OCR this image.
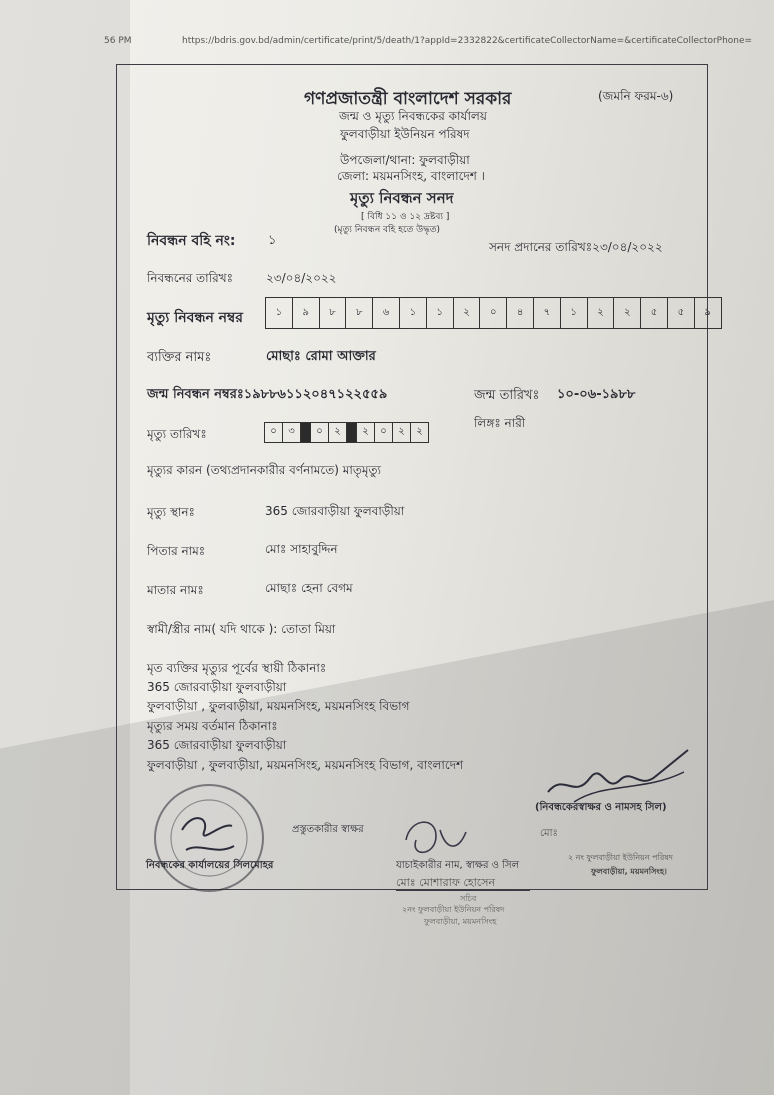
56 PM	https://bdris.gov.bd/admin/certificate/print/5/death/1?appId=2332822&certificateCollectorName=&certificateCollectorPhone=
(জমনি ফরম-৬)
গণপ্রজাতন্ত্রী বাংলাদেশ সরকার
জন্ম ও মৃত্যু নিবন্ধকের কার্যালয়
ফুলবাড়ীয়া ইউনিয়ন পরিষদ
উপজেলা/থানা: ফুলবাড়ীয়া
জেলা: ময়মনসিংহ, বাংলাদেশ ।
মৃত্যু নিবন্ধন সনদ
[ বিধি ১১ ও ১২ দ্রষ্টব্য ]
(মৃত্যু নিবন্ধন বহি হতে উদ্ধৃত)
নিবন্ধন বহি নং:	১	সনদ প্রদানের তারিখঃ২৩/০৪/২০২২
নিবন্ধনের তারিখঃ	২৩/০৪/২০২২
মৃত্যু নিবন্ধন নম্বর	১	৯	৮	৮	৬	১	১	২	০	৪	৭	১	২	২	৫	৫	৯
ব্যক্তির নামঃ	মোছাঃ রোমা আক্তার
জন্ম নিবন্ধন নম্বরঃ১৯৮৮৬১১২০৪৭১২২৫৫৯	জন্ম তারিখঃ ১০-০৬-১৯৮৮
লিঙ্গঃ নারী
মৃত্যু তারিখঃ	০	৩	০	২	২	০	২	২
মৃত্যুর কারন (তথ্যপ্রদানকারীর বর্ণনামতে) মাতৃমৃত্যু
মৃত্যু স্থানঃ	365 জোরবাড়ীয়া ফুলবাড়ীয়া
পিতার নামঃ	মোঃ সাহাবুদ্দিন
মাতার নামঃ	মোছাঃ হেনা বেগম
স্বামী/স্ত্রীর নাম( যদি থাকে ): তোতা মিয়া
মৃত ব্যক্তির মৃত্যুর পূর্বের স্থায়ী ঠিকানাঃ
365 জোরবাড়ীয়া ফুলবাড়ীয়া
ফুলবাড়ীয়া , ফুলবাড়ীয়া, ময়মনসিংহ, ময়মনসিংহ বিভাগ
মৃত্যুর সময় বর্তমান ঠিকানাঃ
365 জোরবাড়ীয়া ফুলবাড়ীয়া
ফুলবাড়ীয়া , ফুলবাড়ীয়া, ময়মনসিংহ, ময়মনসিংহ বিভাগ, বাংলাদেশ
(নিবন্ধকেরস্বাক্ষর ও নামসহ সিল)
মোঃ
২ নং ফুলবাড়ীয়া ইউনিয়ন পরিষদ
ফুলবাড়ীয়া, ময়মনসিংহ।
প্রস্তুতকারীর স্বাক্ষর
নিবন্ধকের কার্যালয়ের সিলমোহর	যাচাইকারীর নাম, স্বাক্ষর ও সিল
মোঃ মোশারাফ হোসেন
সচিব
২নং ফুলবাড়ীয়া ইউনিয়ন পরিষদ
ফুলবাড়ীয়া, ময়মনসিংহ
